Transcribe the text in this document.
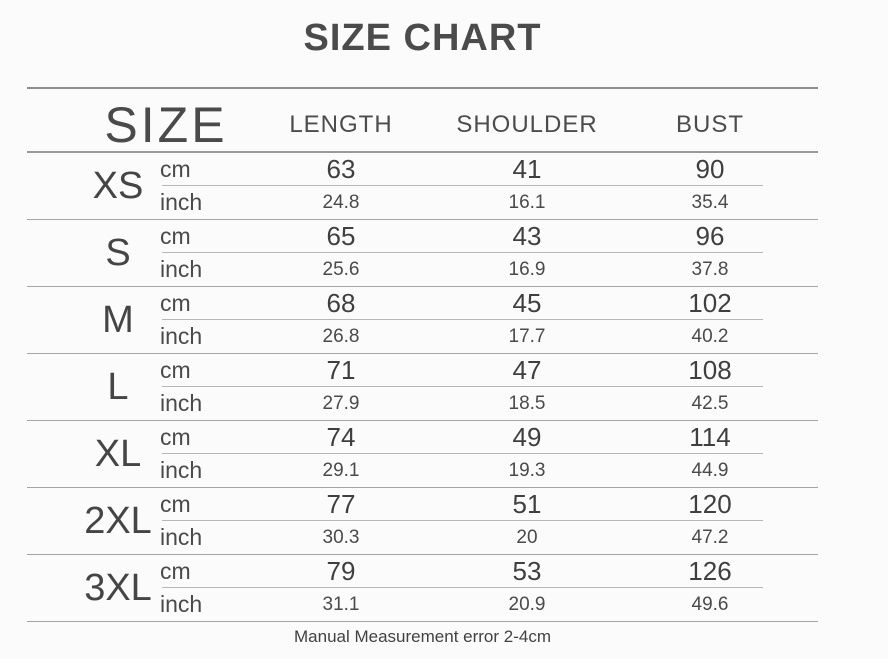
SIZE CHART
SIZE	LENGTH	SHOULDER	BUST
XS cm	63	41	90
inch	24.8	16.1	35.4
S	cm	65	43	96
inch	25.6	16.9	37.8
M	cm	68	45	102
inch	26.8	17.7	40.2
L	cm	71	47	108
inch	27.9	18.5	42.5
XL cm	74	49	114
inch	29.1	19.3	44.9
2XL cm	77	51	120
inch	30.3	20	47.2
3XL cm	79	53	126
inch	31.1	20.9	49.6
Manual Measurement error 2-4cm
